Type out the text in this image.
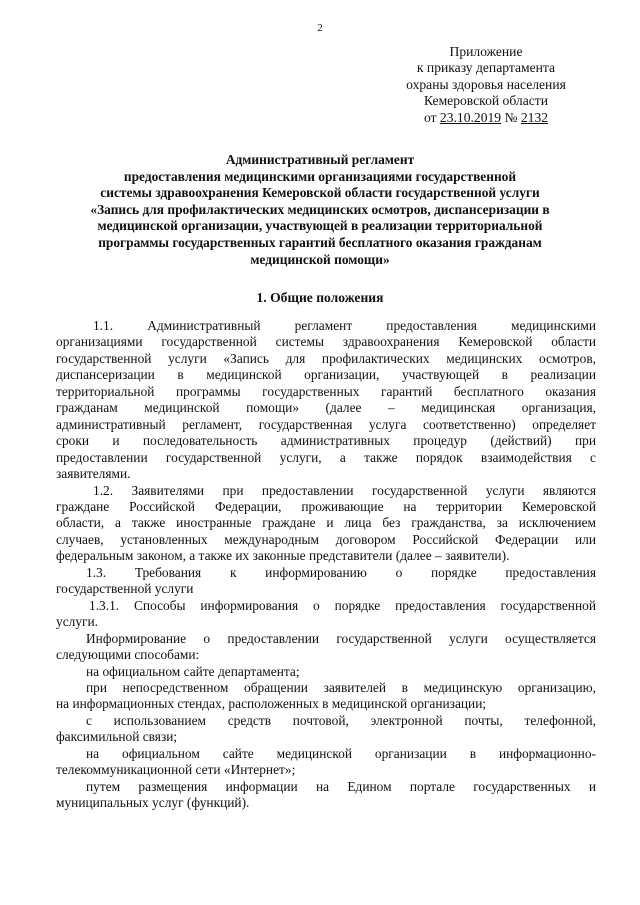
2
Приложение
к приказу департамента
охраны здоровья населения
Кемеровской области
от 23.10.2019 № 2132
Административный регламент
предоставления медицинскими организациями государственной
системы здравоохранения Кемеровской области государственной услуги
«Запись для профилактических медицинских осмотров, диспансеризации в
медицинской организации, участвующей в реализации территориальной
программы государственных гарантий бесплатного оказания гражданам
медицинской помощи»
1. Общие положения
1.1. Административный регламент предоставления медицинскими
организациями государственной системы здравоохранения Кемеровской области
государственной услуги «Запись для профилактических медицинских осмотров,
диспансеризации в медицинской организации, участвующей в реализации
территориальной программы государственных гарантий бесплатного оказания
гражданам медицинской помощи» (далее – медицинская организация,
административный регламент, государственная услуга соответственно) определяет
сроки и последовательность административных процедур (действий) при
предоставлении государственной услуги, а также порядок взаимодействия с
заявителями.
1.2. Заявителями при предоставлении государственной услуги являются
граждане Российской Федерации, проживающие на территории Кемеровской
области, а также иностранные граждане и лица без гражданства, за исключением
случаев, установленных международным договором Российской Федерации или
федеральным законом, а также их законные представители (далее – заявители).
1.3. Требования к информированию о порядке предоставления
государственной услуги
1.3.1. Способы информирования о порядке предоставления государственной
услуги.
Информирование о предоставлении государственной услуги осуществляется
следующими способами:
на официальном сайте департамента;
при непосредственном обращении заявителей в медицинскую организацию,
на информационных стендах, расположенных в медицинской организации;
с использованием средств почтовой, электронной почты, телефонной,
факсимильной связи;
на официальном сайте медицинской организации в информационно-
телекоммуникационной сети «Интернет»;
путем размещения информации на Едином портале государственных и
муниципальных услуг (функций).
